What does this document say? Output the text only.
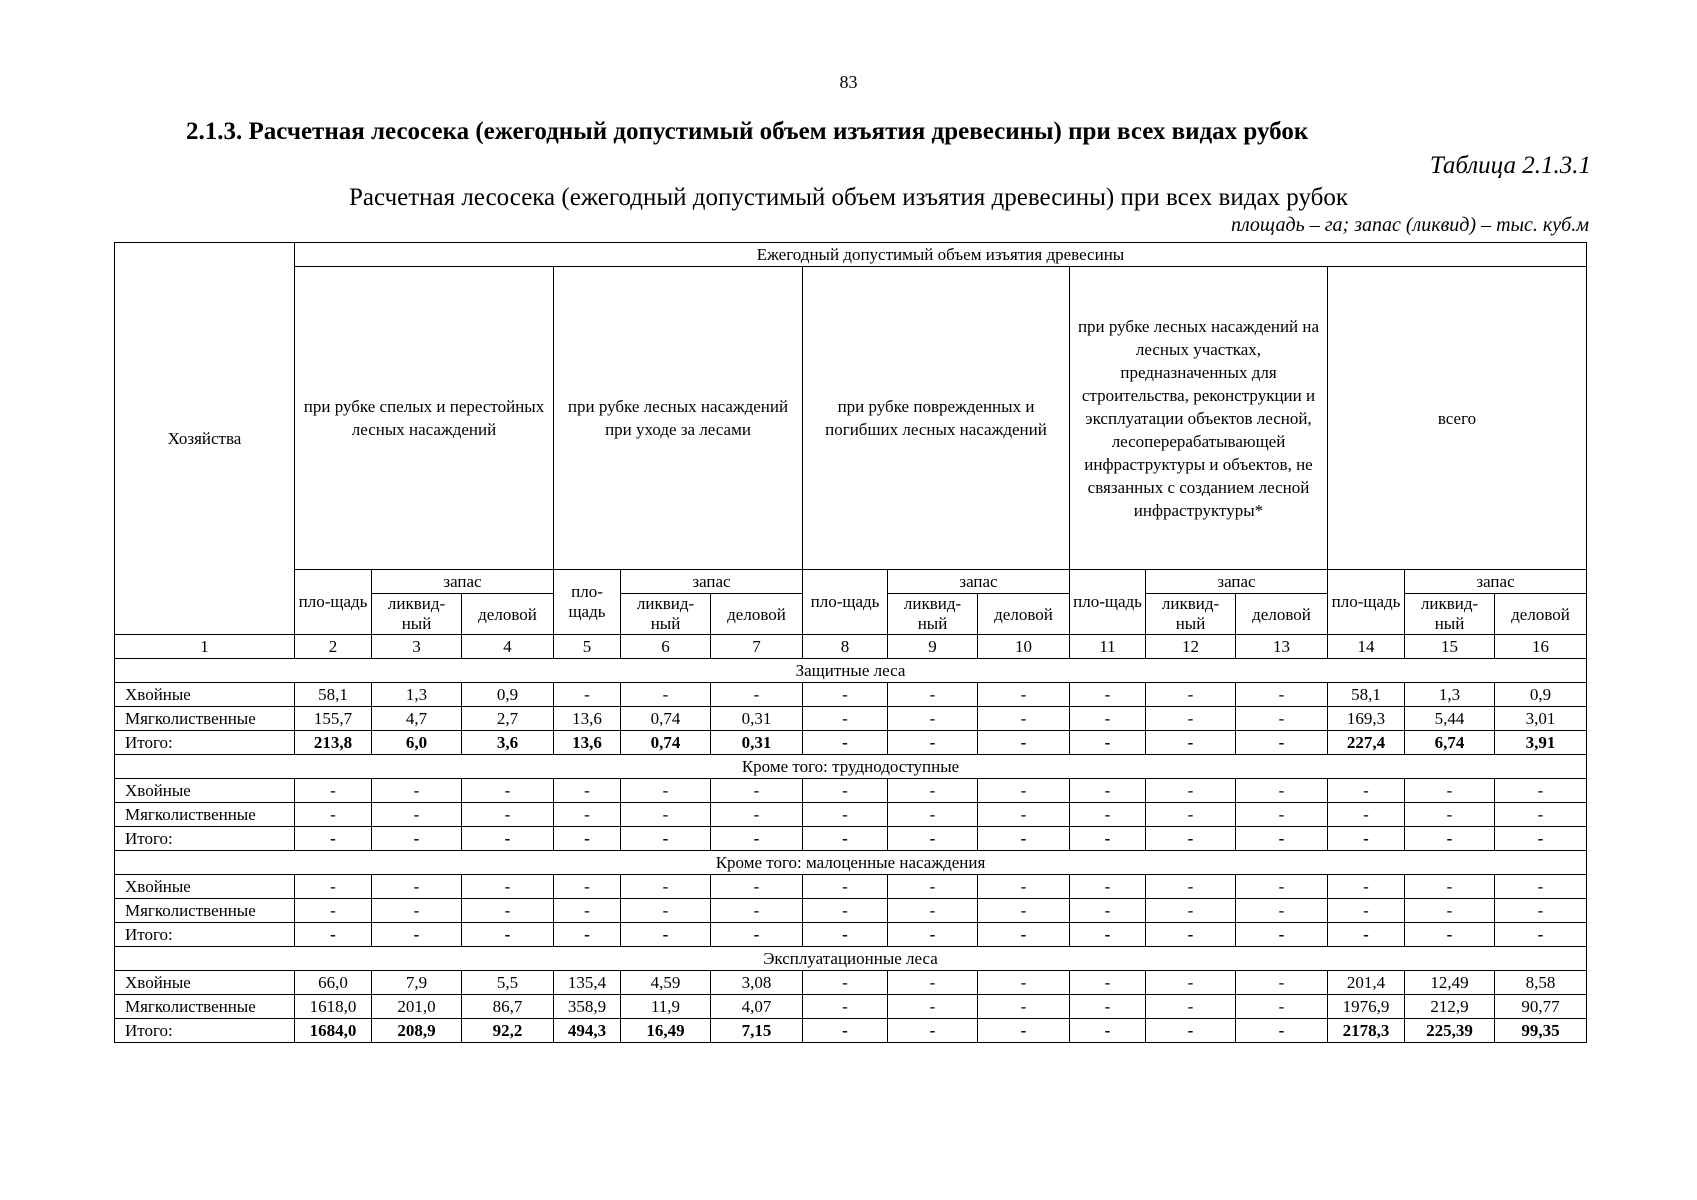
83
2.1.3. Расчетная лесосека (ежегодный допустимый объем изъятия древесины) при всех видах рубок
Таблица 2.1.3.1
Расчетная лесосека (ежегодный допустимый объем изъятия древесины) при всех видах рубок
площадь – га; запас (ликвид) – тыс. куб.м
Хозяйства	Ежегодный допустимый объем изъятия древесины														
	при рубке спелых и перестойных лесных насаждений			при рубке лесных насаждений при уходе за лесами			при рубке поврежденных и погибших лесных насаждений			при рубке лесных насаждений на лесных участках, предназначенных для строительства, реконструкции и эксплуатации объектов лесной, лесоперерабатывающей инфраструктуры и объектов, не связанных с созданием лесной инфраструктуры*			всего		
	пло-щадь	запас		пло-щадь	запас		пло-щадь	запас		пло-щадь	запас		пло-щадь	запас	
		ликвид-ный	деловой		ликвид-ный	деловой		ликвид-ный	деловой		ликвид-ный	деловой		ликвид-ный	деловой
1	2	3	4	5	6	7	8	9	10	11	12	13	14	15	16
Защитные леса															
Хвойные	58,1	1,3	0,9	-	-	-	-	-	-	-	-	-	58,1	1,3	0,9
Мягколиственные	155,7	4,7	2,7	13,6	0,74	0,31	-	-	-	-	-	-	169,3	5,44	3,01
Итого:	213,8	6,0	3,6	13,6	0,74	0,31	-	-	-	-	-	-	227,4	6,74	3,91
Кроме того: труднодоступные															
Хвойные	-	-	-	-	-	-	-	-	-	-	-	-	-	-	-
Мягколиственные	-	-	-	-	-	-	-	-	-	-	-	-	-	-	-
Итого:	-	-	-	-	-	-	-	-	-	-	-	-	-	-	-
Кроме того: малоценные насаждения															
Хвойные	-	-	-	-	-	-	-	-	-	-	-	-	-	-	-
Мягколиственные	-	-	-	-	-	-	-	-	-	-	-	-	-	-	-
Итого:	-	-	-	-	-	-	-	-	-	-	-	-	-	-	-
Эксплуатационные леса															
Хвойные	66,0	7,9	5,5	135,4	4,59	3,08	-	-	-	-	-	-	201,4	12,49	8,58
Мягколиственные	1618,0	201,0	86,7	358,9	11,9	4,07	-	-	-	-	-	-	1976,9	212,9	90,77
Итого:	1684,0	208,9	92,2	494,3	16,49	7,15	-	-	-	-	-	-	2178,3	225,39	99,35
